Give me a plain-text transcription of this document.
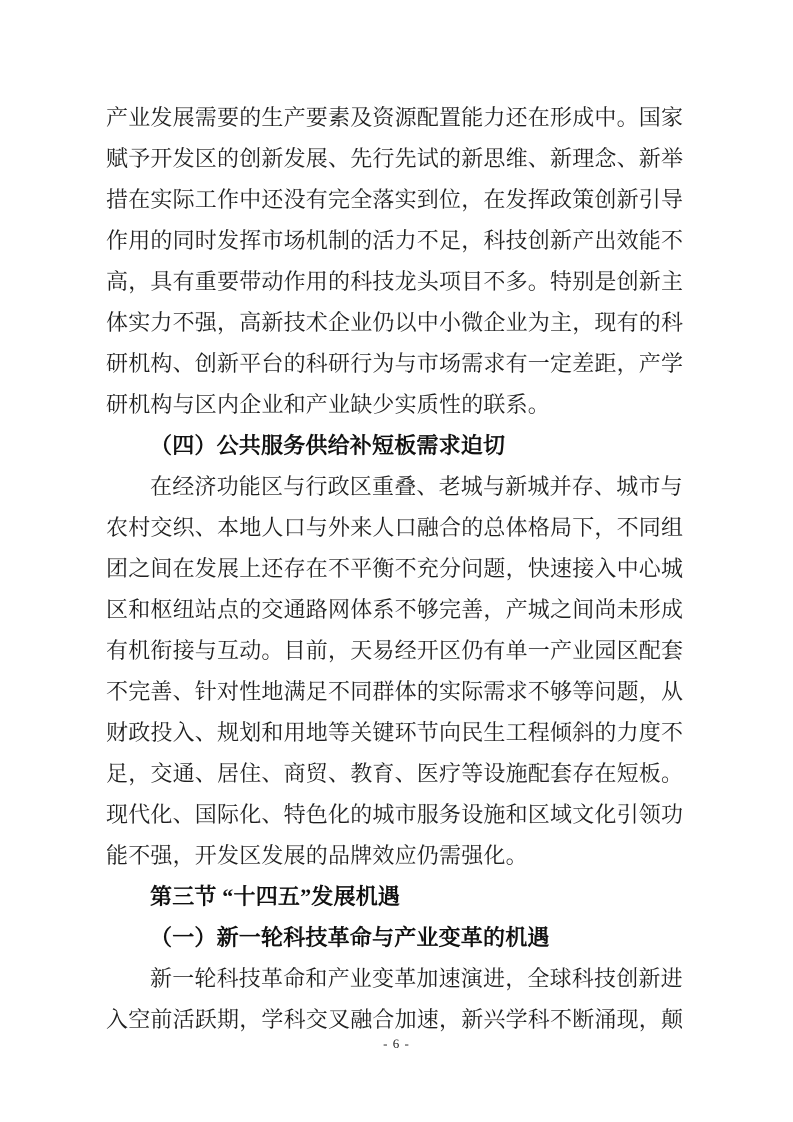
产业发展需要的生产要素及资源配置能力还在形成中。国家
赋予开发区的创新发展、先行先试的新思维、新理念、新举
措在实际工作中还没有完全落实到位，在发挥政策创新引导
作用的同时发挥市场机制的活力不足，科技创新产出效能不
高，具有重要带动作用的科技龙头项目不多。特别是创新主
体实力不强，高新技术企业仍以中小微企业为主，现有的科
研机构、创新平台的科研行为与市场需求有一定差距，产学
研机构与区内企业和产业缺少实质性的联系。
（四）公共服务供给补短板需求迫切
在经济功能区与行政区重叠、老城与新城并存、城市与
农村交织、本地人口与外来人口融合的总体格局下，不同组
团之间在发展上还存在不平衡不充分问题，快速接入中心城
区和枢纽站点的交通路网体系不够完善，产城之间尚未形成
有机衔接与互动。目前，天易经开区仍有单一产业园区配套
不完善、针对性地满足不同群体的实际需求不够等问题，从
财政投入、规划和用地等关键环节向民生工程倾斜的力度不
足，交通、居住、商贸、教育、医疗等设施配套存在短板。
现代化、国际化、特色化的城市服务设施和区域文化引领功
能不强，开发区发展的品牌效应仍需强化。
第三节 “十四五”发展机遇
（一）新一轮科技革命与产业变革的机遇
新一轮科技革命和产业变革加速演进，全球科技创新进
入空前活跃期，学科交叉融合加速，新兴学科不断涌现，颠
- 6 -
